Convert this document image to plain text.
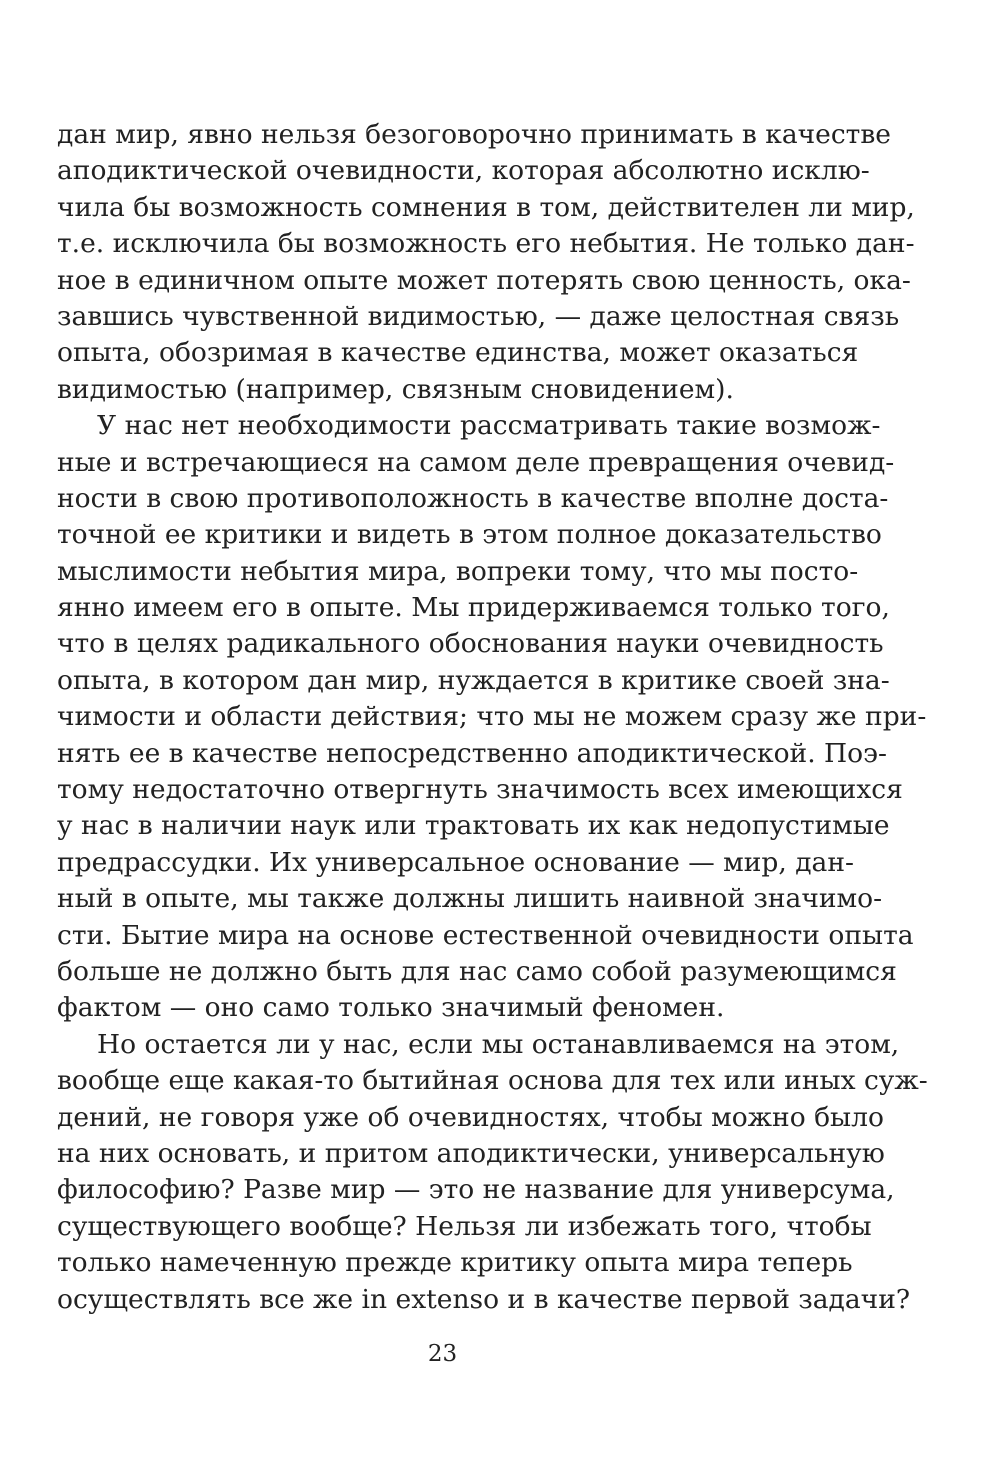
дан мир, явно нельзя безоговорочно принимать в качестве
аподиктической очевидности, которая абсолютно исклю-
чила бы возможность сомнения в том, действителен ли мир,
т.е. исключила бы возможность его небытия. Не только дан-
ное в единичном опыте может потерять свою ценность, ока-
завшись чувственной видимостью, — даже целостная связь
опыта, обозримая в качестве единства, может оказаться
видимостью (например, связным сновидением).
У нас нет необходимости рассматривать такие возмож-
ные и встречающиеся на самом деле превращения очевид-
ности в свою противоположность в качестве вполне доста-
точной ее критики и видеть в этом полное доказательство
мыслимости небытия мира, вопреки тому, что мы посто-
янно имеем его в опыте. Мы придерживаемся только того,
что в целях радикального обоснования науки очевидность
опыта, в котором дан мир, нуждается в критике своей зна-
чимости и области действия; что мы не можем сразу же при-
нять ее в качестве непосредственно аподиктической. Поэ-
тому недостаточно отвергнуть значимость всех имеющихся
у нас в наличии наук или трактовать их как недопустимые
предрассудки. Их универсальное основание — мир, дан-
ный в опыте, мы также должны лишить наивной значимо-
сти. Бытие мира на основе естественной очевидности опыта
больше не должно быть для нас само собой разумеющимся
фактом — оно само только значимый феномен.
Но остается ли у нас, если мы останавливаемся на этом,
вообще еще какая-то бытийная основа для тех или иных суж-
дений, не говоря уже об очевидностях, чтобы можно было
на них основать, и притом аподиктически, универсальную
философию? Разве мир — это не название для универсума,
существующего вообще? Нельзя ли избежать того, чтобы
только намеченную прежде критику опыта мира теперь
осуществлять все же in extenso и в качестве первой задачи?
23
